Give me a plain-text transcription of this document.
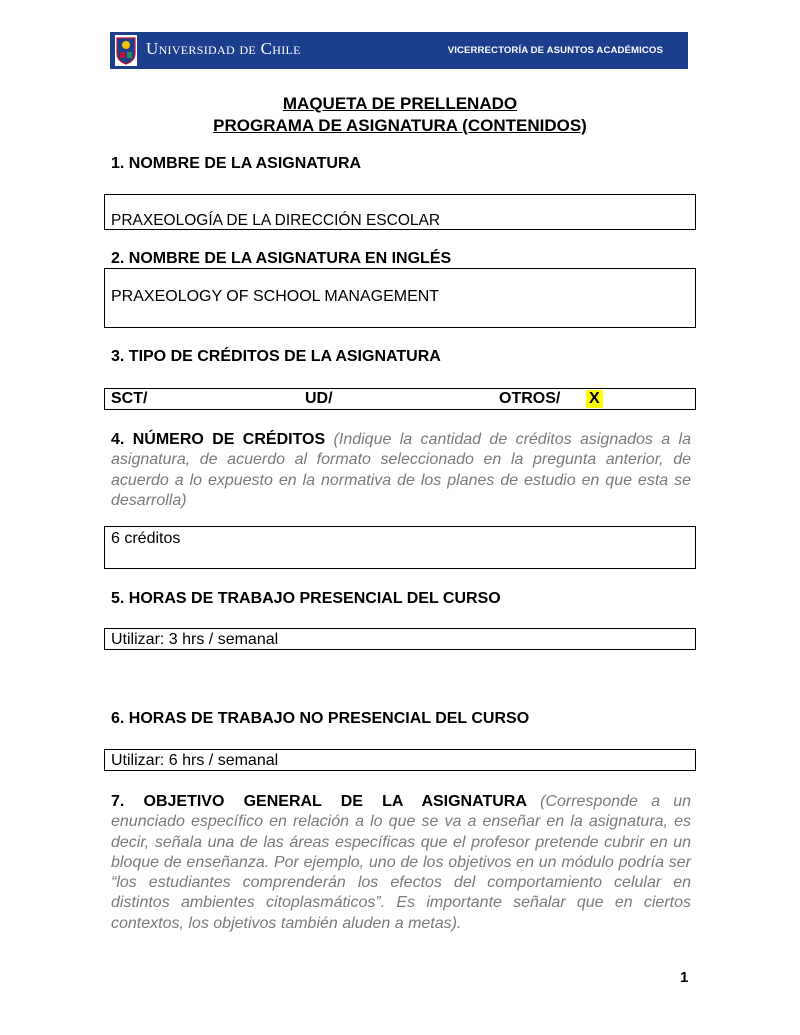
Universidad de Chile	VICERRECTORÍA DE ASUNTOS ACADÉMICOS
MAQUETA DE PRELLENADO
PROGRAMA DE ASIGNATURA (CONTENIDOS)
1. NOMBRE DE LA ASIGNATURA
PRAXEOLOGÍA DE LA DIRECCIÓN ESCOLAR
2. NOMBRE DE LA ASIGNATURA EN INGLÉS
PRAXEOLOGY OF SCHOOL MANAGEMENT
3. TIPO DE CRÉDITOS DE LA ASIGNATURA
SCT/	UD/	OTROS/ X
4. NÚMERO DE CRÉDITOS (Indique la cantidad de créditos asignados a la asignatura, de acuerdo al formato seleccionado en la pregunta anterior, de acuerdo a lo expuesto en la normativa de los planes de estudio en que esta se desarrolla)
6 créditos
5. HORAS DE TRABAJO PRESENCIAL DEL CURSO
Utilizar: 3 hrs / semanal
6. HORAS DE TRABAJO NO PRESENCIAL DEL CURSO
Utilizar: 6 hrs / semanal
7. OBJETIVO GENERAL DE LA ASIGNATURA (Corresponde a un enunciado específico en relación a lo que se va a enseñar en la asignatura, es decir, señala una de las áreas específicas que el profesor pretende cubrir en un bloque de enseñanza. Por ejemplo, uno de los objetivos en un módulo podría ser “los estudiantes comprenderán los efectos del comportamiento celular en distintos ambientes citoplasmáticos”. Es importante señalar que en ciertos contextos, los objetivos también aluden a metas).
1
